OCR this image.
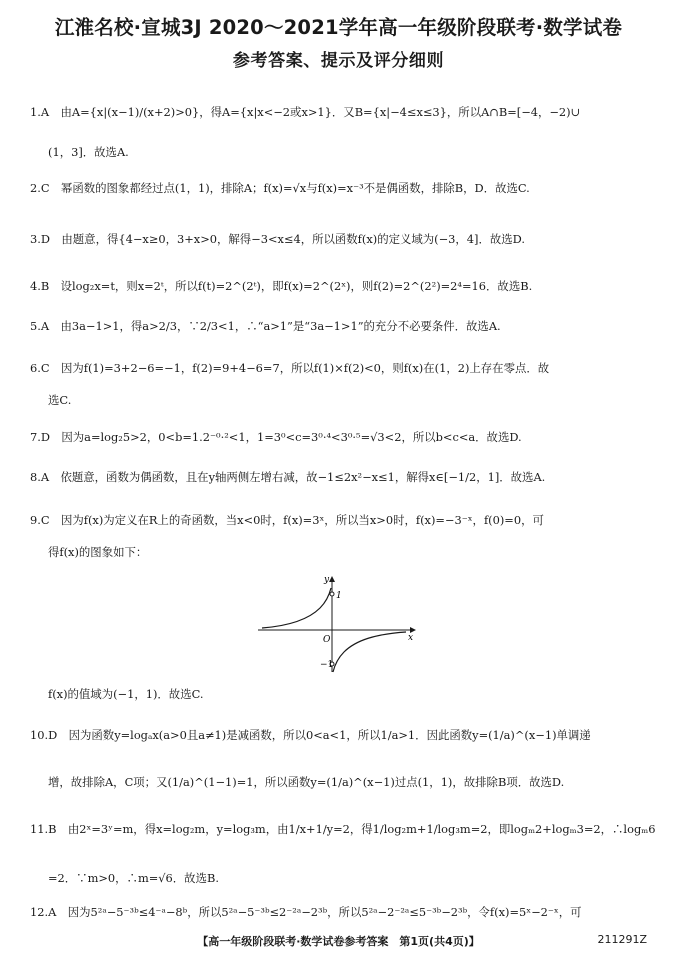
江淮名校·宣城3J 2020～2021学年高一年级阶段联考·数学试卷
参考答案、提示及评分细则
1.A　由A={x|(x−1)/(x+2)>0}，得A={x|x<−2或x>1}．又B={x|−4≤x≤3}，所以A∩B=[−4，−2)∪
(1，3]．故选A.
2.C　幂函数的图象都经过点(1，1)，排除A；f(x)=√x与f(x)=x⁻³不是偶函数，排除B，D．故选C.
3.D　由题意，得{4−x≥0，3+x>0，解得−3<x≤4，所以函数f(x)的定义域为(−3，4]．故选D.
4.B　设log₂x=t，则x=2ᵗ，所以f(t)=2^(2ᵗ)，即f(x)=2^(2ˣ)，则f(2)=2^(2²)=2⁴=16．故选B.
5.A　由3a−1>1，得a>2/3，∵2/3<1，∴“a>1”是“3a−1>1”的充分不必要条件．故选A.
6.C　因为f(1)=3+2−6=−1，f(2)=9+4−6=7，所以f(1)×f(2)<0，则f(x)在(1，2)上存在零点．故
选C.
7.D　因为a=log₂5>2，0<b=1.2⁻⁰·²<1，1=3⁰<c=3⁰·⁴<3⁰·⁵=√3<2，所以b<c<a．故选D.
8.A　依题意，函数为偶函数，且在y轴两侧左增右减，故−1≤2x²−x≤1，解得x∈[−1/2，1]．故选A.
9.C　因为f(x)为定义在R上的奇函数，当x<0时，f(x)=3ˣ，所以当x>0时，f(x)=−3⁻ˣ，f(0)=0，可
得f(x)的图象如下：
1
−1
O	x
y
f(x)的值域为(−1，1)．故选C.
10.D　因为函数y=logₐx(a>0且a≠1)是减函数，所以0<a<1，所以1/a>1．因此函数y=(1/a)^(x−1)单调递
增，故排除A，C项；又(1/a)^(1−1)=1，所以函数y=(1/a)^(x−1)过点(1，1)，故排除B项．故选D.
11.B　由2ˣ=3ʸ=m，得x=log₂m，y=log₃m，由1/x+1/y=2，得1/log₂m+1/log₃m=2，即logₘ2+logₘ3=2，∴logₘ6
=2．∵m>0，∴m=√6．故选B.
12.A　因为5²ᵃ−5⁻³ᵇ≤4⁻ᵃ−8ᵇ，所以5²ᵃ−5⁻³ᵇ≤2⁻²ᵃ−2³ᵇ，所以5²ᵃ−2⁻²ᵃ≤5⁻³ᵇ−2³ᵇ，令f(x)=5ˣ−2⁻ˣ，可
【高一年级阶段联考·数学试卷参考答案　第1页(共4页)】	211291Z
